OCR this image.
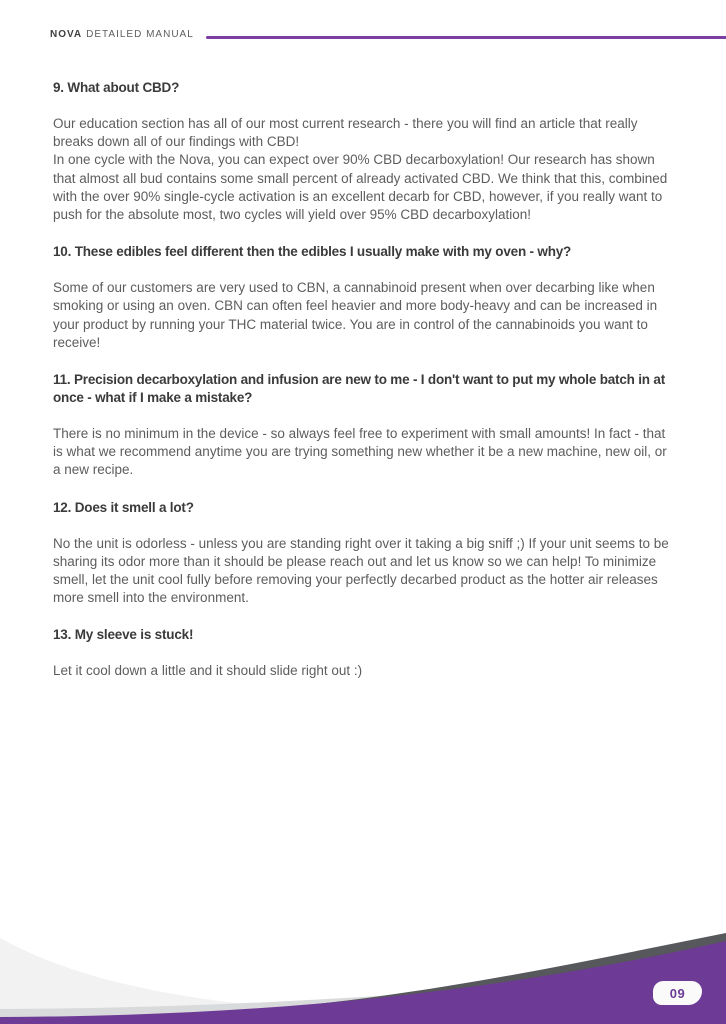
NOVA DETAILED MANUAL
9. What about CBD?

Our education section has all of our most current research - there you will find an article that really breaks down all of our findings with CBD!

In one cycle with the Nova, you can expect over 90% CBD decarboxylation! Our research has shown that almost all bud contains some small percent of already activated CBD. We think that this, combined with the over 90% single-cycle activation is an excellent decarb for CBD, however, if you really want to push for the absolute most, two cycles will yield over 95% CBD decarboxylation!

10. These edibles feel different then the edibles I usually make with my oven - why?

Some of our customers are very used to CBN, a cannabinoid present when over decarbing like when smoking or using an oven. CBN can often feel heavier and more body-heavy and can be increased in your product by running your THC material twice. You are in control of the cannabinoids you want to receive!

11. Precision decarboxylation and infusion are new to me - I don't want to put my whole batch in at once - what if I make a mistake?

There is no minimum in the device - so always feel free to experiment with small amounts! In fact - that is what we recommend anytime you are trying something new whether it be a new machine, new oil, or a new recipe.

12. Does it smell a lot?

No the unit is odorless - unless you are standing right over it taking a big sniff ;) If your unit seems to be sharing its odor more than it should be please reach out and let us know so we can help! To minimize smell, let the unit cool fully before removing your perfectly decarbed product as the hotter air releases more smell into the environment.

13. My sleeve is stuck!

Let it cool down a little and it should slide right out :)

09
